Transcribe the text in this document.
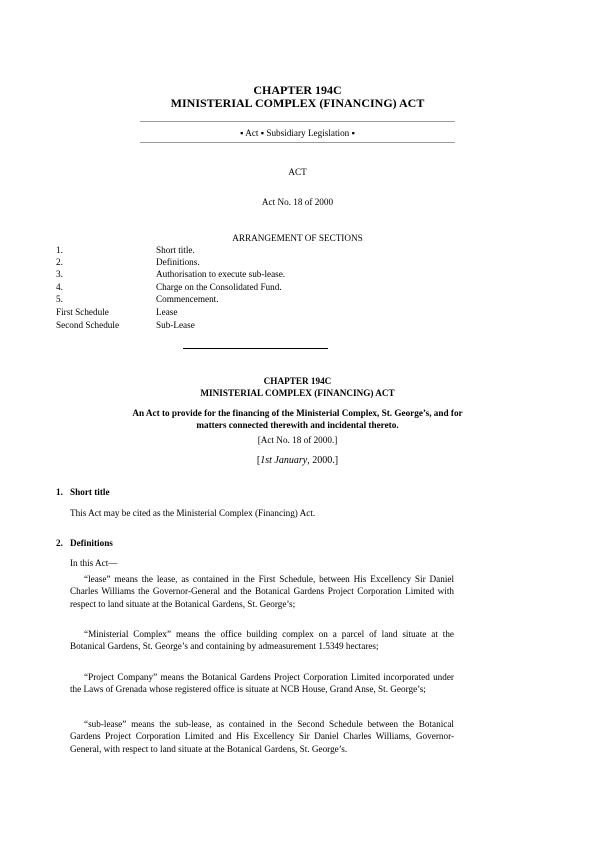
CHAPTER 194C
MINISTERIAL COMPLEX (FINANCING) ACT
▪ Act ▪ Subsidiary Legislation ▪
ACT
Act No. 18 of 2000
ARRANGEMENT OF SECTIONS
1.	Short title.
2.	Definitions.
3.	Authorisation to execute sub-lease.
4.	Charge on the Consolidated Fund.
5.	Commencement.
First Schedule	Lease
Second Schedule	Sub-Lease
CHAPTER 194C
MINISTERIAL COMPLEX (FINANCING) ACT
An Act to provide for the financing of the Ministerial Complex, St. George’s, and for
matters connected therewith and incidental thereto.
[Act No. 18 of 2000.]
[1st January, 2000.]
1. Short title
This Act may be cited as the Ministerial Complex (Financing) Act.
2. Definitions
In this Act—
“lease” means the lease, as contained in the First Schedule, between His Excellency Sir Daniel Charles Williams the Governor-General and the Botanical Gardens Project Corporation Limited with respect to land situate at the Botanical Gardens, St. George’s;
“Ministerial Complex” means the office building complex on a parcel of land situate at the Botanical Gardens, St. George’s and containing by admeasurement 1.5349 hectares;
“Project Company” means the Botanical Gardens Project Corporation Limited incorporated under the Laws of Grenada whose registered office is situate at NCB House, Grand Anse, St. George’s;
“sub-lease” means the sub-lease, as contained in the Second Schedule between the Botanical Gardens Project Corporation Limited and His Excellency Sir Daniel Charles Williams, Governor-General, with respect to land situate at the Botanical Gardens, St. George’s.
